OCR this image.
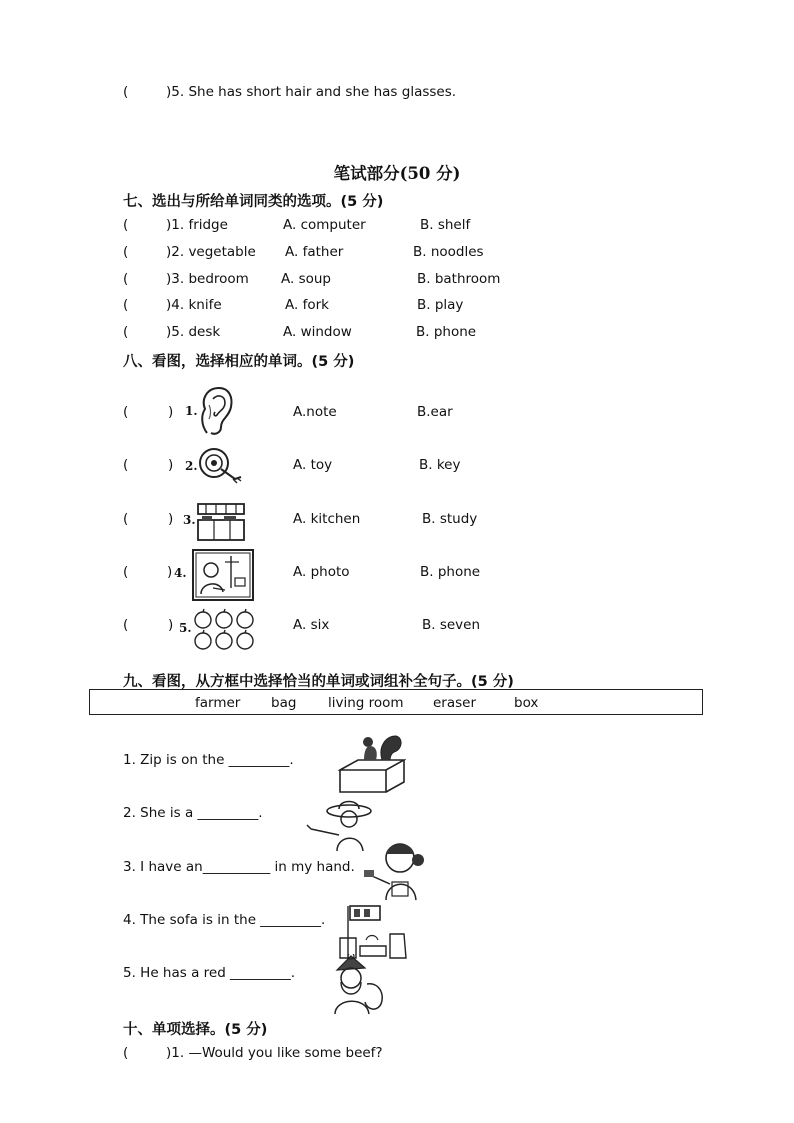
(	)5. She has short hair and she has glasses.
笔试部分(50 分)
七、选出与所给单词同类的选项。(5 分)
(	)1. fridge	A. computer	B. shelf
(	)2. vegetable A. father	B. noodles
(	)3. bedroom A. soup	B. bathroom
(	)4. knife	A. fork	B. play
(	)5. desk	A. window	B. phone
八、看图，选择相应的单词。(5 分)
(	) 1.	A.note	B.ear
(	) 2.	A. toy	B. key
(	) 3.	A. kitchen	B. study
(	) 4.	A. photo	B. phone
(	) 5.	A. six	B. seven
九、看图，从方框中选择恰当的单词或词组补全句子。(5 分)
farmer bag living room eraser	box
1. Zip is on the _________.
2. She is a _________.
3. I have an__________ in my hand.
4. The sofa is in the _________.
5. He has a red _________.
十、单项选择。(5 分)
(	)1. —Would you like some beef?
